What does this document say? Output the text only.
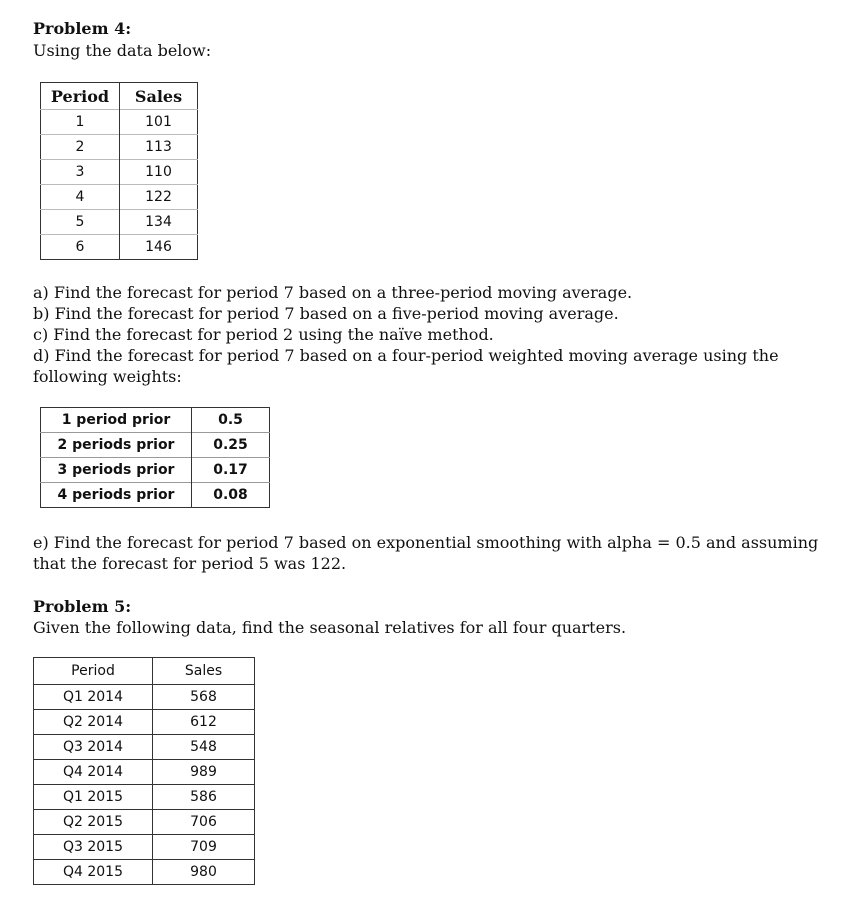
Problem 4:
Using the data below:
Period	Sales
1	101
2	113
3	110
4	122
5	134
6	146
a) Find the forecast for period 7 based on a three-period moving average.
b) Find the forecast for period 7 based on a five-period moving average.
c) Find the forecast for period 2 using the naïve method.
d) Find the forecast for period 7 based on a four-period weighted moving average using the
following weights:
1 period prior	0.5
2 periods prior	0.25
3 periods prior	0.17
4 periods prior	0.08
e) Find the forecast for period 7 based on exponential smoothing with alpha = 0.5 and assuming
that the forecast for period 5 was 122.
Problem 5:
Given the following data, find the seasonal relatives for all four quarters.
Period	Sales
Q1 2014	568
Q2 2014	612
Q3 2014	548
Q4 2014	989
Q1 2015	586
Q2 2015	706
Q3 2015	709
Q4 2015	980
